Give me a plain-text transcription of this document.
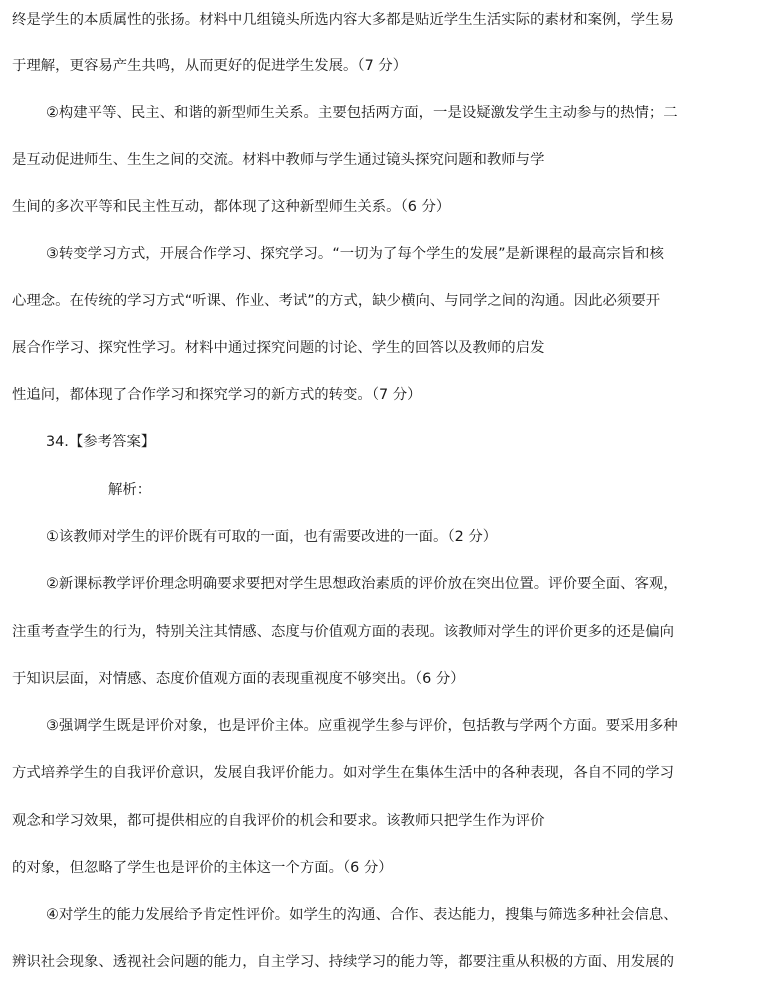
终是学生的本质属性的张扬。材料中几组镜头所选内容大多都是贴近学生生活实际的素材和案例，学生易
于理解，更容易产生共鸣，从而更好的促进学生发展。（7 分）
②构建平等、民主、和谐的新型师生关系。主要包括两方面，一是设疑激发学生主动参与的热情；二
是互动促进师生、生生之间的交流。材料中教师与学生通过镜头探究问题和教师与学
生间的多次平等和民主性互动，都体现了这种新型师生关系。（6 分）
③转变学习方式，开展合作学习、探究学习。“一切为了每个学生的发展”是新课程的最高宗旨和核
心理念。在传统的学习方式“听课、作业、考试”的方式，缺少横向、与同学之间的沟通。因此必须要开
展合作学习、探究性学习。材料中通过探究问题的讨论、学生的回答以及教师的启发
性追问，都体现了合作学习和探究学习的新方式的转变。（7 分）
34.【参考答案】
解析：
①该教师对学生的评价既有可取的一面，也有需要改进的一面。（2 分）
②新课标教学评价理念明确要求要把对学生思想政治素质的评价放在突出位置。评价要全面、客观，
注重考查学生的行为，特别关注其情感、态度与价值观方面的表现。该教师对学生的评价更多的还是偏向
于知识层面，对情感、态度价值观方面的表现重视度不够突出。（6 分）
③强调学生既是评价对象，也是评价主体。应重视学生参与评价，包括教与学两个方面。要采用多种
方式培养学生的自我评价意识，发展自我评价能力。如对学生在集体生活中的各种表现，各自不同的学习
观念和学习效果，都可提供相应的自我评价的机会和要求。该教师只把学生作为评价
的对象，但忽略了学生也是评价的主体这一个方面。（6 分）
④对学生的能力发展给予肯定性评价。如学生的沟通、合作、表达能力，搜集与筛选多种社会信息、
辨识社会现象、透视社会问题的能力，自主学习、持续学习的能力等，都要注重从积极的方面、用发展的
